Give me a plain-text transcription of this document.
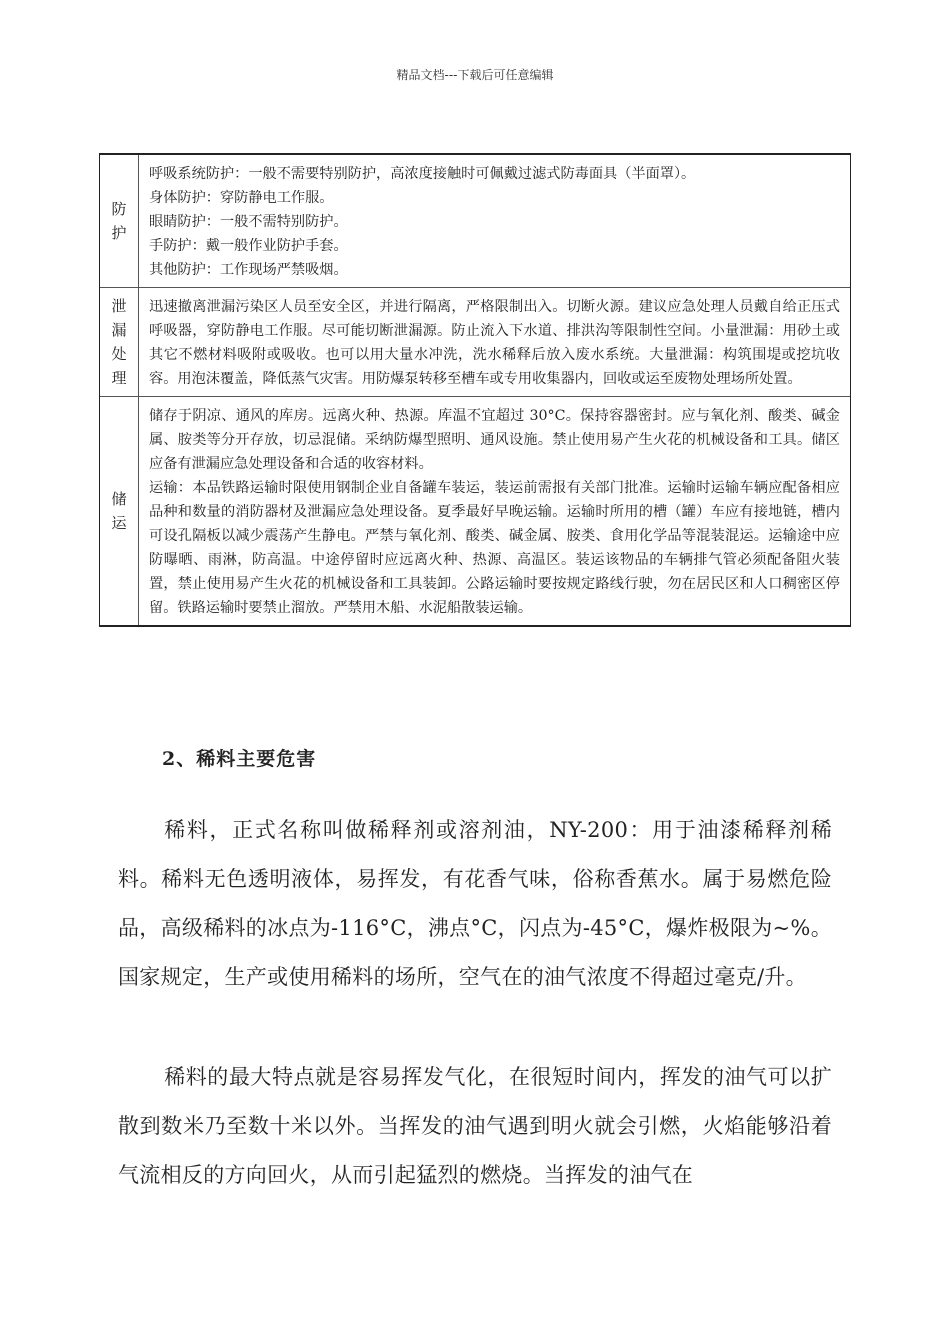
精品文档---下载后可任意编辑
防
护

呼吸系统防护：一般不需要特别防护，高浓度接触时可佩戴过滤式防毒面具（半面罩）。

身体防护：穿防静电工作服。

眼睛防护：一般不需特别防护。

手防护：戴一般作业防护手套。

其他防护：工作现场严禁吸烟。

泄
漏
处
理

迅速撤离泄漏污染区人员至安全区，并进行隔离，严格限制出入。切断火源。建议应急处理人员戴自给正压式呼吸器，穿防静电工作服。尽可能切断泄漏源。防止流入下水道、排洪沟等限制性空间。小量泄漏：用砂土或其它不燃材料吸附或吸收。也可以用大量水冲洗，洗水稀释后放入废水系统。大量泄漏：构筑围堤或挖坑收容。用泡沫覆盖，降低蒸气灾害。用防爆泵转移至槽车或专用收集器内，回收或运至废物处理场所处置。

储
运

储存于阴凉、通风的库房。远离火种、热源。库温不宜超过 30°C。保持容器密封。应与氧化剂、酸类、碱金属、胺类等分开存放，切忌混储。采纳防爆型照明、通风设施。禁止使用易产生火花的机械设备和工具。储区应备有泄漏应急处理设备和合适的收容材料。

运输：本品铁路运输时限使用钢制企业自备罐车装运，装运前需报有关部门批准。运输时运输车辆应配备相应品种和数量的消防器材及泄漏应急处理设备。夏季最好早晚运输。运输时所用的槽（罐）车应有接地链，槽内可设孔隔板以减少震荡产生静电。严禁与氧化剂、酸类、碱金属、胺类、食用化学品等混装混运。运输途中应防曝晒、雨淋，防高温。中途停留时应远离火种、热源、高温区。装运该物品的车辆排气管必须配备阻火装置，禁止使用易产生火花的机械设备和工具装卸。公路运输时要按规定路线行驶，勿在居民区和人口稠密区停留。铁路运输时要禁止溜放。严禁用木船、水泥船散装运输。

2、稀料主要危害

稀料，正式名称叫做稀释剂或溶剂油，NY-200：用于油漆稀释剂稀料。稀料无色透明液体，易挥发，有花香气味，俗称香蕉水。属于易燃危险品，高级稀料的冰点为-116°C，沸点°C，闪点为-45°C，爆炸极限为~%。国家规定，生产或使用稀料的场所，空气在的油气浓度不得超过毫克/升。

稀料的最大特点就是容易挥发气化，在很短时间内，挥发的油气可以扩散到数米乃至数十米以外。当挥发的油气遇到明火就会引燃，火焰能够沿着气流相反的方向回火，从而引起猛烈的燃烧。当挥发的油气在
